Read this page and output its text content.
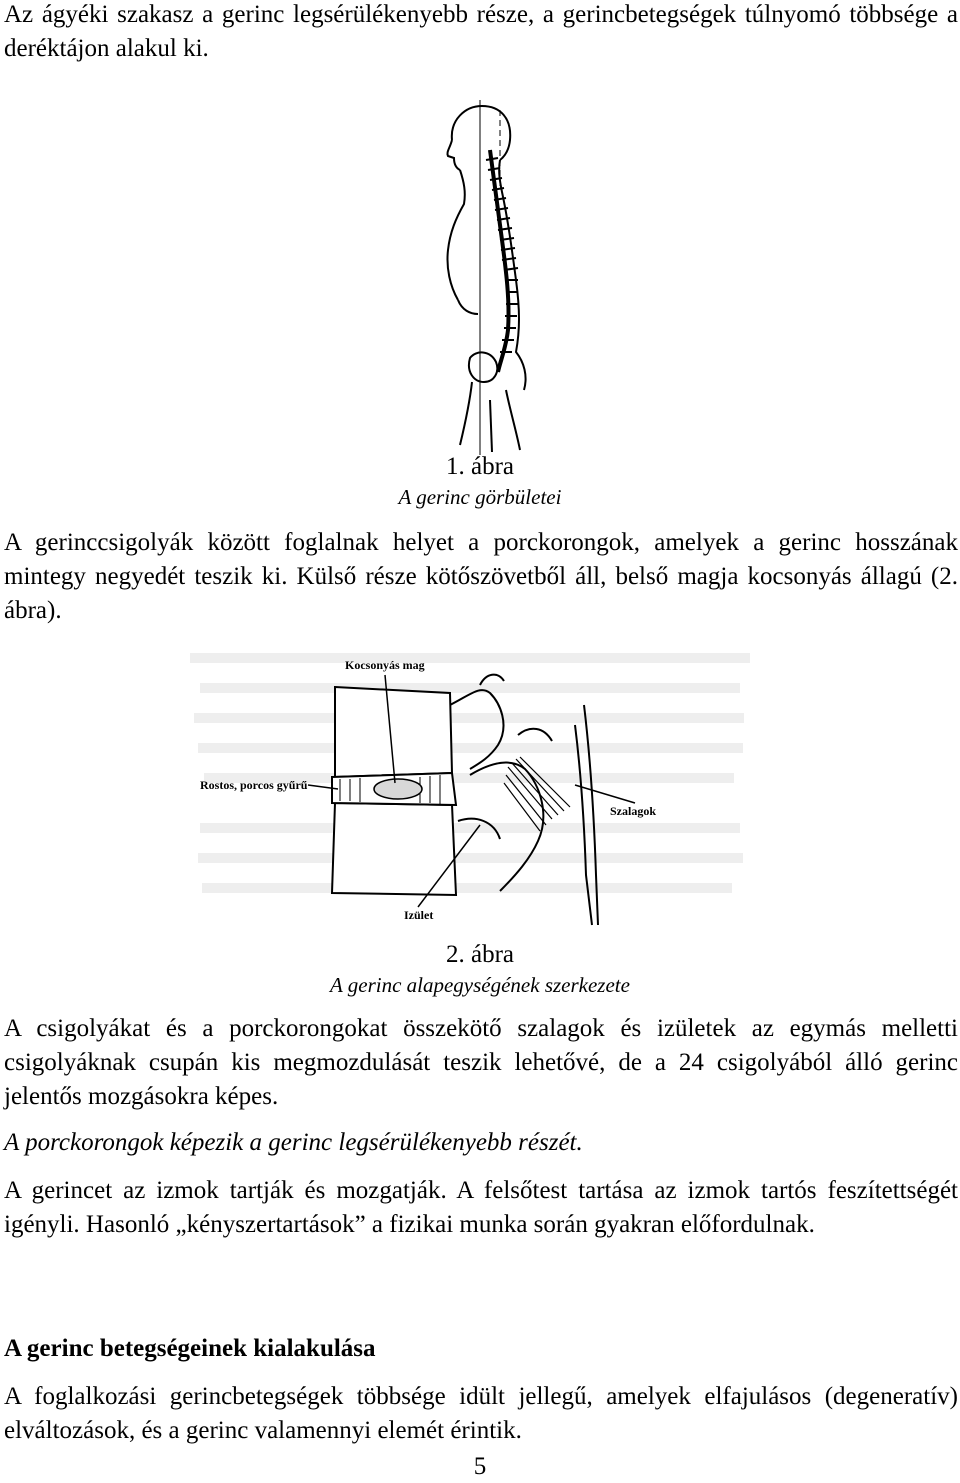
Az ágyéki szakasz a gerinc legsérülékenyebb része, a gerincbetegségek túlnyomó többsége a deréktájon alakul ki.

1. ábra
A gerinc görbületei

A gerinccsigolyák között foglalnak helyet a porckorongok, amelyek a gerinc hosszának mintegy negyedét teszik ki. Külső része kötőszövetből áll, belső magja kocsonyás állagú (2. ábra).

Kocsonyás mag
Rostos, porcos gyűrű
Szalagok
Izület
2. ábra
A gerinc alapegységének szerkezete

A csigolyákat és a porckorongokat összekötő szalagok és izületek az egymás melletti csigolyáknak csupán kis megmozdulását teszik lehetővé, de a 24 csigolyából álló gerinc jelentős mozgásokra képes.

A porckorongok képezik a gerinc legsérülékenyebb részét.

A gerincet az izmok tartják és mozgatják. A felsőtest tartása az izmok tartós feszítettségét igényli. Hasonló „kényszertartások” a fizikai munka során gyakran előfordulnak.

A gerinc betegségeinek kialakulása

A foglalkozási gerincbetegségek többsége idült jellegű, amelyek elfajulásos (degeneratív) elváltozások, és a gerinc valamennyi elemét érintik.

5
